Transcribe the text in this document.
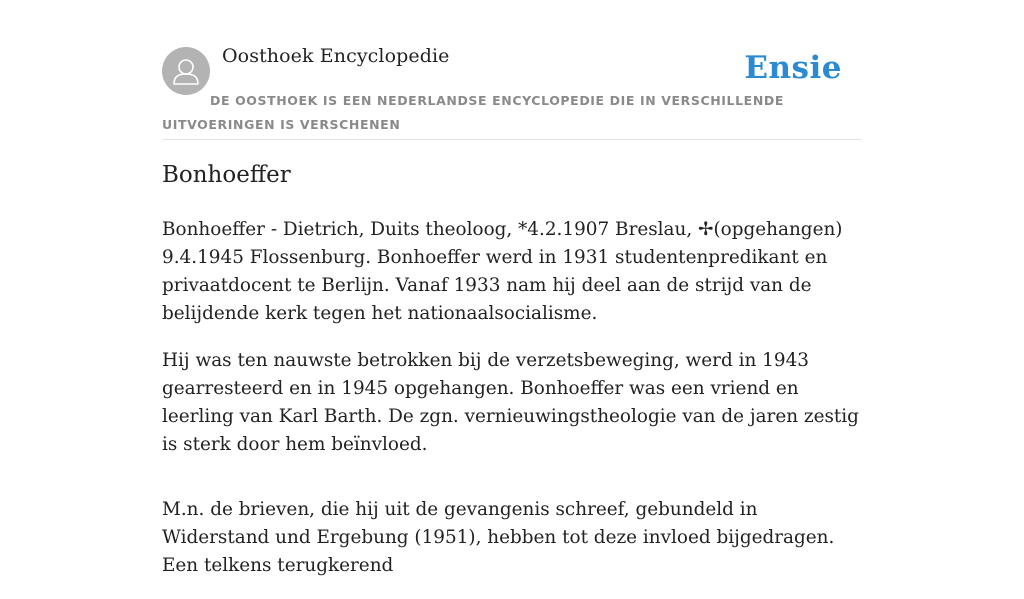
Oosthoek Encyclopedie	Ensie
DE OOSTHOEK IS EEN NEDERLANDSE ENCYCLOPEDIE DIE IN VERSCHILLENDE UITVOERINGEN IS VERSCHENEN
Bonhoeffer

Bonhoeffer - Dietrich, Duits theoloog, *4.2.1907 Breslau, ✢(opgehangen) 9.4.1945 Flossenburg. Bonhoeffer werd in 1931 studentenpredikant en privaatdocent te Berlijn. Vanaf 1933 nam hij deel aan de strijd van de belijdende kerk tegen het nationaalsocialisme.

Hij was ten nauwste betrokken bij de verzetsbeweging, werd in 1943 gearresteerd en in 1945 opgehangen. Bonhoeffer was een vriend en leerling van Karl Barth. De zgn. vernieuwingstheologie van de jaren zestig is sterk door hem beïnvloed.

M.n. de brieven, die hij uit de gevangenis schreef, gebundeld in Widerstand und Ergebung (1951), hebben tot deze invloed bijgedragen. Een telkens terugkerend
